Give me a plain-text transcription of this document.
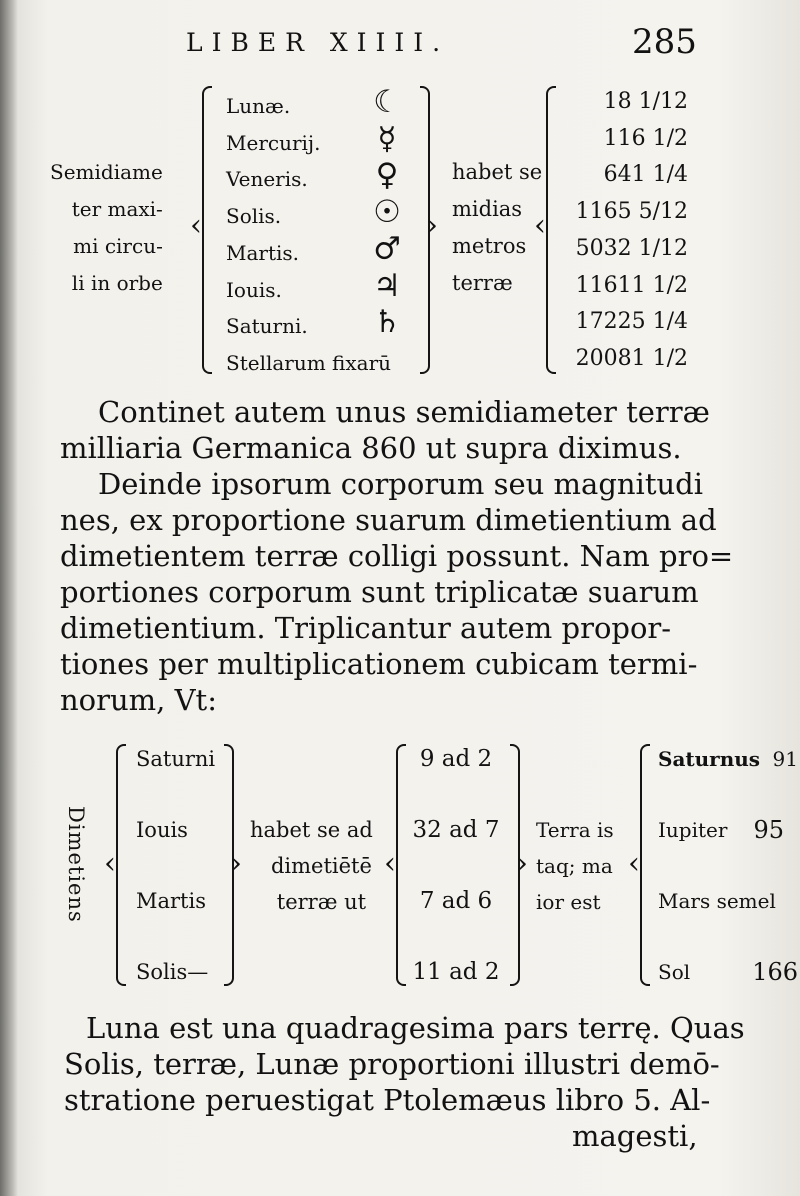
LIBER XIIII.	285
Semidiame
ter maxi-
mi circu-
li in orbe
‹
Lunæ.
Mercurij.
Veneris.
Solis.
Martis.
Iouis.
Saturni.
Stellarum fixarū
☾
☿
♀
☉
♂
♃
♄
›
habet se
midias
metros
terræ
‹
18 1/12
116 1/2
641 1/4
1165 5/12
5032 1/12
11611 1/2
17225 1/4
20081 1/2
Continet autem unus semidiameter terræ
milliaria Germanica 860 ut supra diximus.
Deinde ipsorum corporum seu magnitudi
nes, ex proportione suarum dimetientium ad
dimetientem terræ colligi possunt. Nam pro=
portiones corporum sunt triplicatæ suarum
dimetientium. Triplicantur autem propor-
tiones per multiplicationem cubicam termi-
norum, Vt:
Dimetiens ‹
Saturni
Iouis
Martis
Solis—
›
habet se ad
dimetiētē
terræ ut
‹
9 ad 2
32 ad 7
7 ad 6
11 ad 2
›
Terra is
taq; ma
ior est
‹
Saturnus 91
Iupiter 95
Mars semel
Sol	166
Luna est una quadragesima pars terrę. Quas
Solis, terræ, Lunæ proportioni illustri demō-
stratione peruestigat Ptolemæus libro 5. Al-
magesti,
